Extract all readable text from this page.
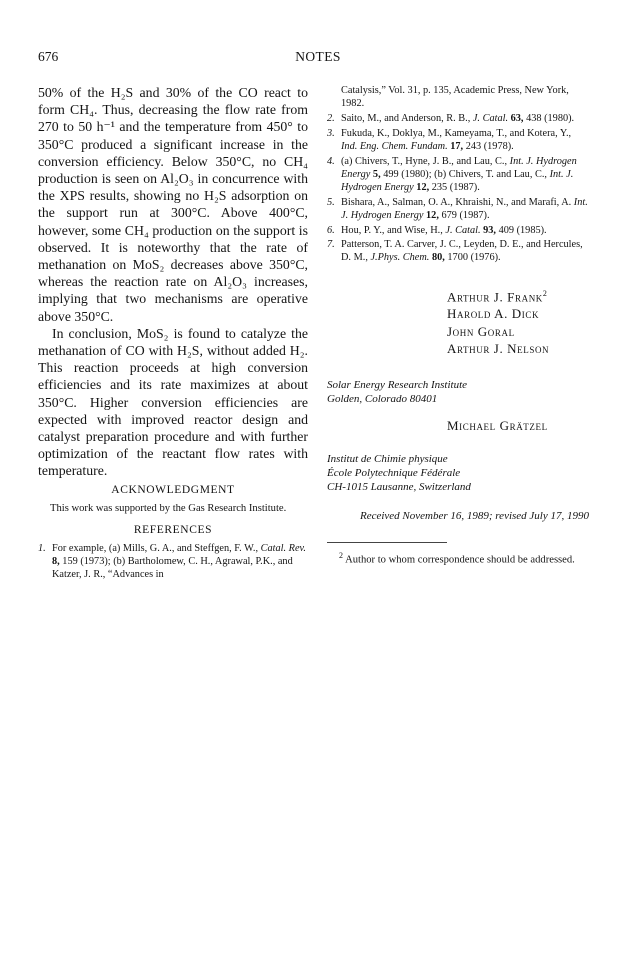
676	NOTES

50% of the H₂S and 30% of the CO react to form CH₄. Thus, decreasing the flow rate from 270 to 50 h⁻¹ and the temperature from 450° to 350°C produced a significant increase in the conversion efficiency. Below 350°C, no CH₄ production is seen on Al₂O₃ in concurrence with the XPS results, showing no H₂S adsorption on the support run at 300°C. Above 400°C, however, some CH₄ production on the support is observed. It is noteworthy that the rate of methanation on MoS₂ decreases above 350°C, whereas the reaction rate on Al₂O₃ increases, implying that two mechanisms are operative above 350°C.

In conclusion, MoS₂ is found to catalyze the methanation of CO with H₂S, without added H₂. This reaction proceeds at high conversion efficiencies and its rate maximizes at about 350°C. Higher conversion efficiencies are expected with improved reactor design and catalyst preparation procedure and with further optimization of the reactant flow rates with temperature.

ACKNOWLEDGMENT

This work was supported by the Gas Research Institute.

REFERENCES

1. For example, (a) Mills, G. A., and Steffgen, F. W., Catal. Rev. 8, 159 (1973); (b) Bartholomew, C. H., Agrawal, P.K., and Katzer, J. R., “Advances in

Catalysis,” Vol. 31, p. 135, Academic Press, New York, 1982.

2. Saito, M., and Anderson, R. B., J. Catal. 63, 438 (1980).

3. Fukuda, K., Doklya, M., Kameyama, T., and Kotera, Y., Ind. Eng. Chem. Fundam. 17, 243 (1978).

4. (a) Chivers, T., Hyne, J. B., and Lau, C., Int. J. Hydrogen Energy 5, 499 (1980); (b) Chivers, T. and Lau, C., Int. J. Hydrogen Energy 12, 235 (1987).

5. Bishara, A., Salman, O. A., Khraishi, N., and Marafi, A. Int. J. Hydrogen Energy 12, 679 (1987).

6. Hou, P. Y., and Wise, H., J. Catal. 93, 409 (1985).

7. Patterson, T. A. Carver, J. C., Leyden, D. E., and Hercules, D. M., J.Phys. Chem. 80, 1700 (1976).

Arthur J. Frank$^2$
Harold A. Dick
John Goral
Arthur J. Nelson
Solar Energy Research Institute
Golden, Colorado 80401
Michael Grätzel
Institut de Chimie physique
École Polytechnique Fédérale
CH-1015 Lausanne, Switzerland
Received November 16, 1989; revised July 17, 1990

$^2$ Author to whom correspondence should be addressed.
